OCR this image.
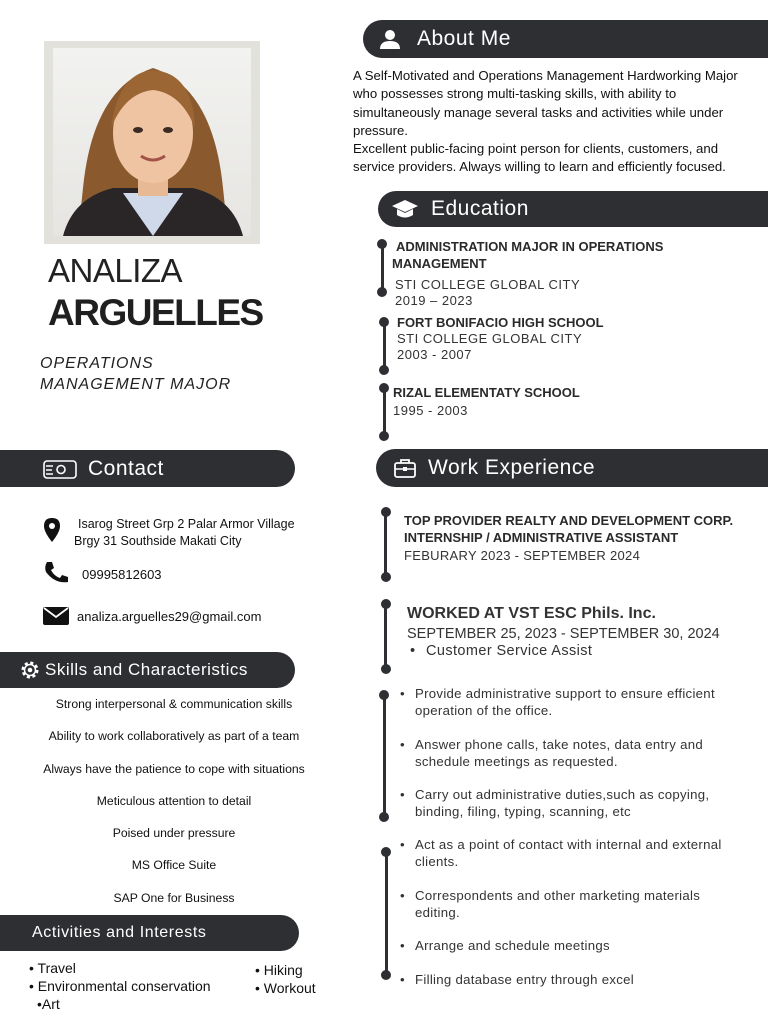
ANALIZA
ARGUELLES
OPERATIONS
MANAGEMENT MAJOR
About Me
A Self-Motivated and Operations Management Hardworking Major who possesses strong multi-tasking skills, with ability to simultaneously manage several tasks and activities while under pressure.
Excellent public-facing point person for clients, customers, and service providers. Always willing to learn and efficiently focused.
Education
ADMINISTRATION MAJOR IN OPERATIONS MANAGEMENT
STI COLLEGE GLOBAL CITY
2019 – 2023
FORT BONIFACIO HIGH SCHOOL
STI COLLEGE GLOBAL CITY
2003 - 2007
RIZAL ELEMENTATY SCHOOL
1995 - 2003
Contact
Isarog Street Grp 2 Palar Armor Village
Brgy 31 Southside Makati City
09995812603
analiza.arguelles29@gmail.com
Skills and Characteristics
Strong interpersonal & communication skills
Ability to work collaboratively as part of a team
Always have the patience to cope with situations
Meticulous attention to detail
Poised under pressure
MS Office Suite
SAP One for Business
Activities and Interests
• Travel
• Environmental conservation
•Art
• Hiking
• Workout
Work Experience
TOP PROVIDER REALTY AND DEVELOPMENT CORP.
INTERNSHIP / ADMINISTRATIVE ASSISTANT
FEBURARY 2023 - SEPTEMBER 2024
WORKED AT VST ESC Phils. Inc.
SEPTEMBER 25, 2023 - SEPTEMBER 30, 2024
• Customer Service Assist
• Provide administrative support to ensure efficient operation of the office.
• Answer phone calls, take notes, data entry and schedule meetings as requested.
• Carry out administrative duties,such as copying, binding, filing, typing, scanning, etc
• Act as a point of contact with internal and external clients.
• Correspondents and other marketing materials editing.
• Arrange and schedule meetings
• Filling database entry through excel
